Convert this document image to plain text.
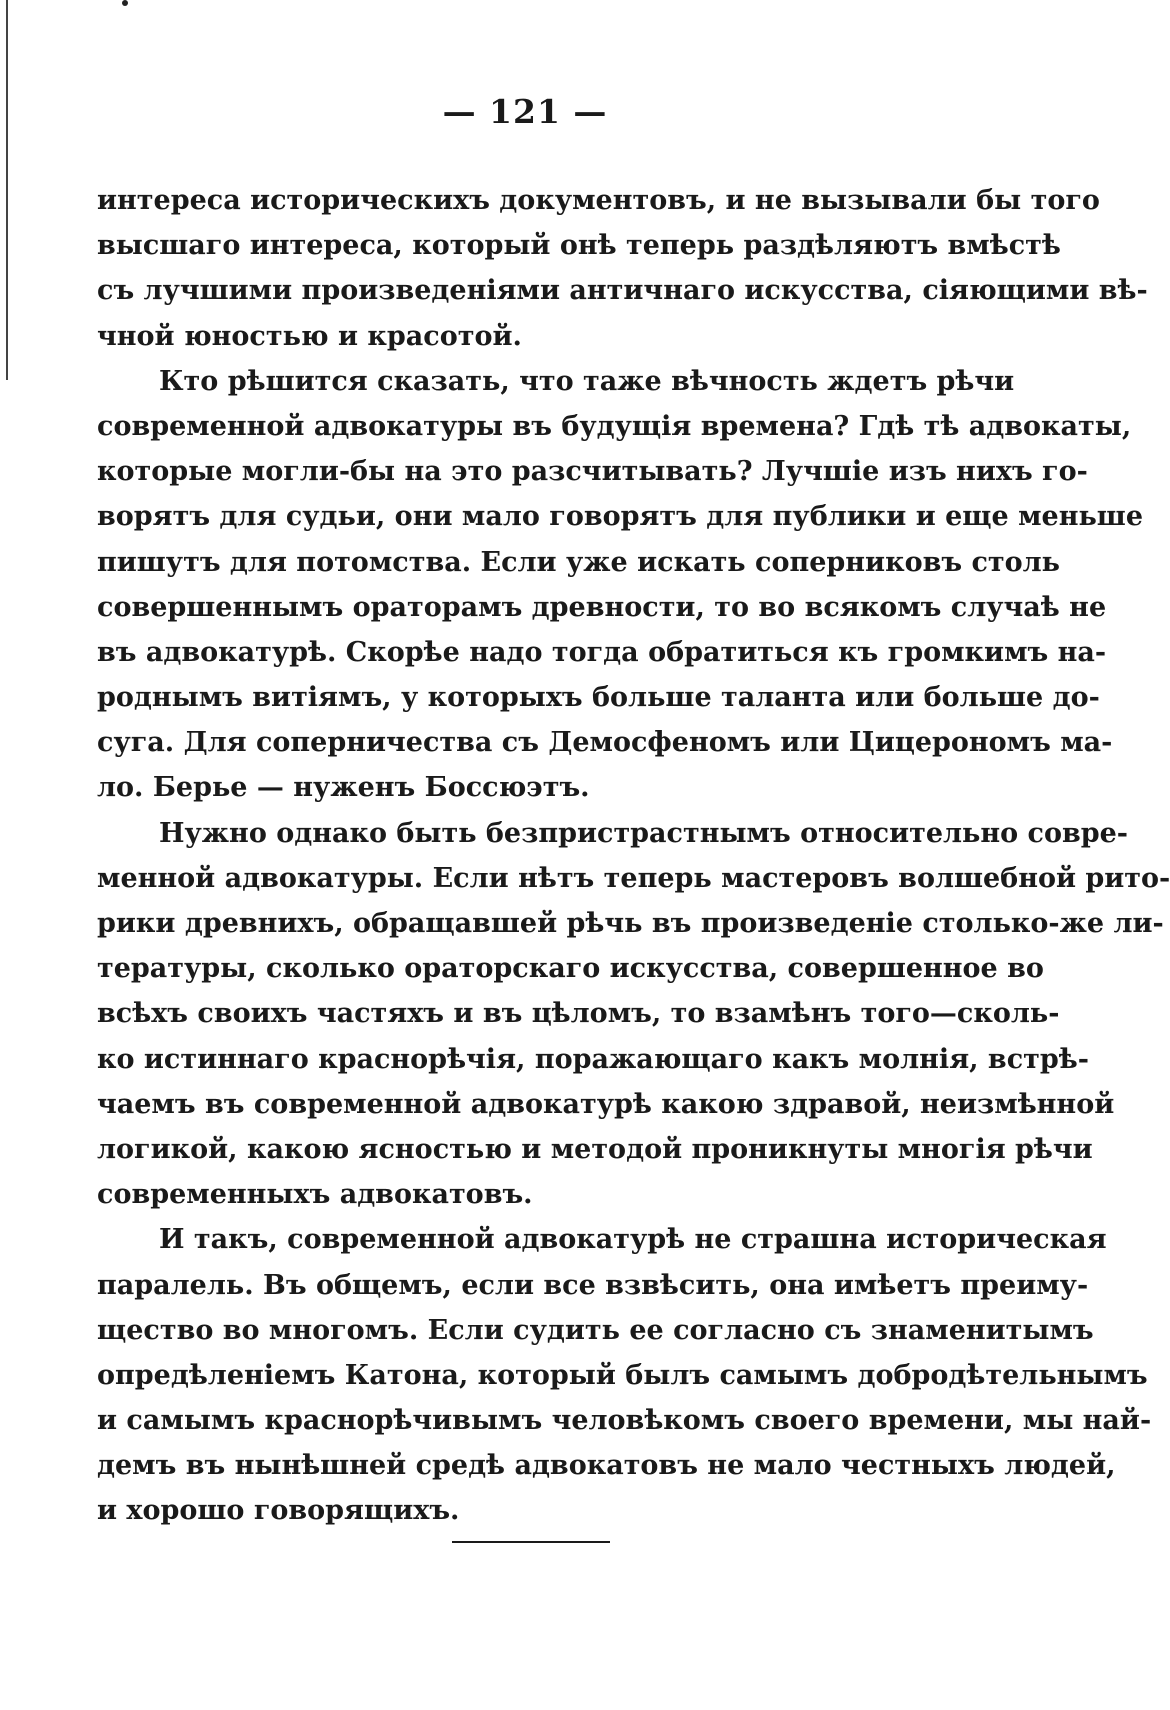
— 121 —
интереса историческихъ документовъ, и не вызывали бы того
высшаго интереса, который онѣ теперь раздѣляютъ вмѣстѣ
съ лучшими произведеніями античнаго искусства, сіяющими вѣ-
чной юностью и красотой.
Кто рѣшится сказать, что таже вѣчность ждетъ рѣчи
современной адвокатуры въ будущія времена? Гдѣ тѣ адвокаты,
которые могли-бы на это разсчитывать? Лучшіе изъ нихъ го-
ворятъ для судьи, они мало говорятъ для публики и еще меньше
пишутъ для потомства. Если уже искать соперниковъ столь
совершеннымъ ораторамъ древности, то во всякомъ случаѣ не
въ адвокатурѣ. Скорѣе надо тогда обратиться къ громкимъ на-
роднымъ витіямъ, у которыхъ больше таланта или больше до-
суга. Для соперничества съ Демосфеномъ или Цицерономъ ма-
ло. Берье — нуженъ Боссюэтъ.
Нужно однако быть безпристрастнымъ относительно совре-
менной адвокатуры. Если нѣтъ теперь мастеровъ волшебной рито-
рики древнихъ, обращавшей рѣчь въ произведеніе столько-же ли-
тературы, сколько ораторскаго искусства, совершенное во
всѣхъ своихъ частяхъ и въ цѣломъ, то взамѣнъ того—сколь-
ко истиннаго краснорѣчія, поражающаго какъ молнія, встрѣ-
чаемъ въ современной адвокатурѣ какою здравой, неизмѣнной
логикой, какою ясностью и методой проникнуты многія рѣчи
современныхъ адвокатовъ.
И такъ, современной адвокатурѣ не страшна историческая
паралель. Въ общемъ, если все взвѣсить, она имѣетъ преиму-
щество во многомъ. Если судить ее согласно съ знаменитымъ
опредѣленіемъ Катона, который былъ самымъ добродѣтельнымъ
и самымъ краснорѣчивымъ человѣкомъ своего времени, мы най-
демъ въ нынѣшней средѣ адвокатовъ не мало честныхъ людей,
и хорошо говорящихъ.
